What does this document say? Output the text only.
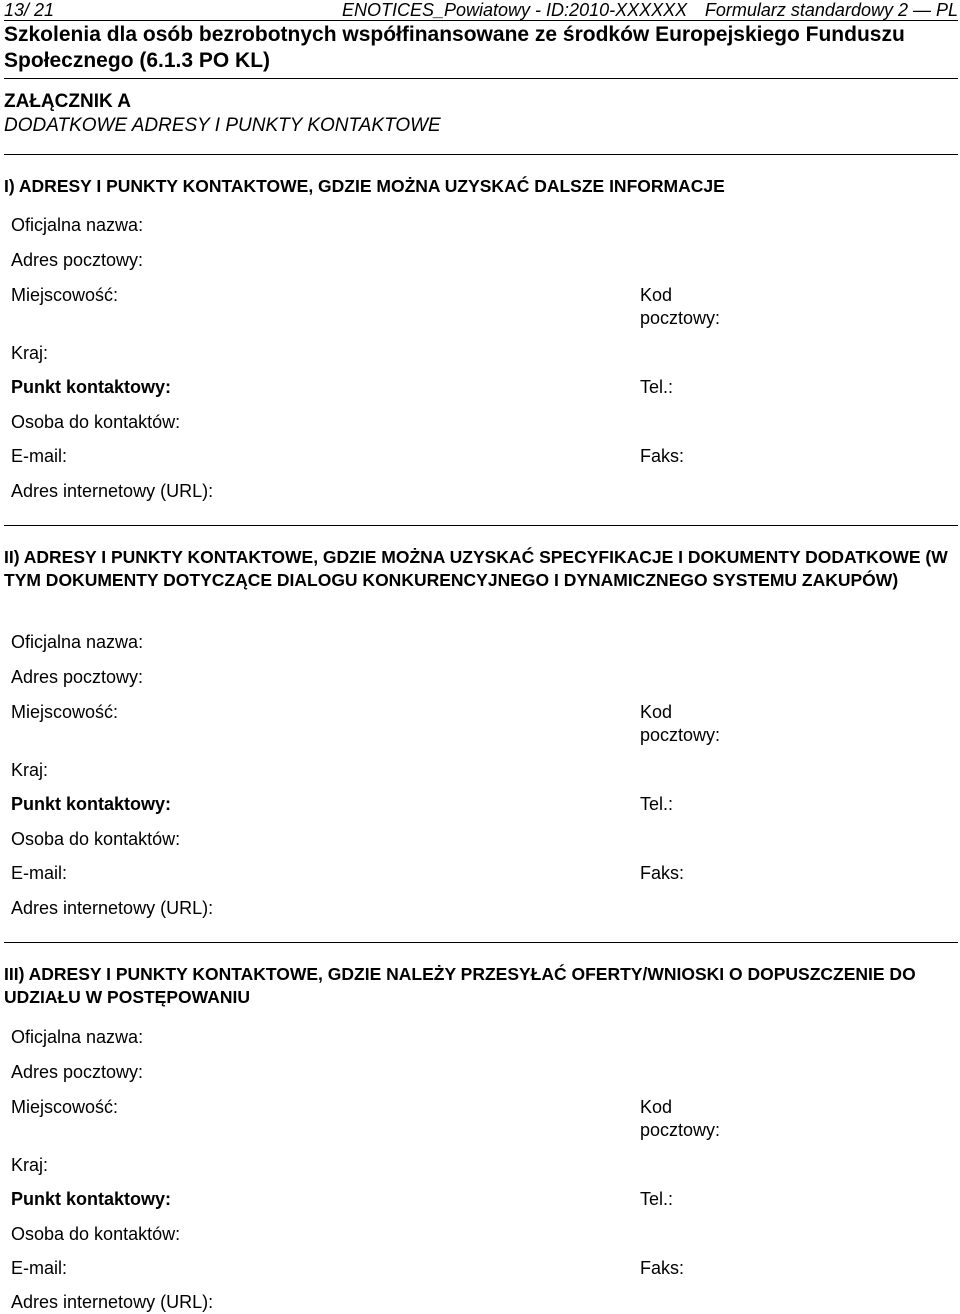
13/ 21	ENOTICES_Powiatowy - ID:2010-XXXXXX Formularz standardowy 2 — PL
Szkolenia dla osób bezrobotnych współfinansowane ze środków Europejskiego Funduszu Społecznego (6.1.3 PO KL)
ZAŁĄCZNIK A
DODATKOWE ADRESY I PUNKTY KONTAKTOWE
I) ADRESY I PUNKTY KONTAKTOWE, GDZIE MOŻNA UZYSKAĆ DALSZE INFORMACJE
Oficjalna nazwa:
Adres pocztowy:
Miejscowość:	Kod pocztowy:
Kraj:
Punkt kontaktowy:	Tel.:
Osoba do kontaktów:
E-mail:	Faks:
Adres internetowy (URL):
II) ADRESY I PUNKTY KONTAKTOWE, GDZIE MOŻNA UZYSKAĆ SPECYFIKACJE I DOKUMENTY DODATKOWE (W TYM DOKUMENTY DOTYCZĄCE DIALOGU KONKURENCYJNEGO I DYNAMICZNEGO SYSTEMU ZAKUPÓW)
Oficjalna nazwa:
Adres pocztowy:
Miejscowość:	Kod pocztowy:
Kraj:
Punkt kontaktowy:	Tel.:
Osoba do kontaktów:
E-mail:	Faks:
Adres internetowy (URL):
III) ADRESY I PUNKTY KONTAKTOWE, GDZIE NALEŻY PRZESYŁAĆ OFERTY/WNIOSKI O DOPUSZCZENIE DO UDZIAŁU W POSTĘPOWANIU
Oficjalna nazwa:
Adres pocztowy:
Miejscowość:	Kod pocztowy:
Kraj:
Punkt kontaktowy:	Tel.:
Osoba do kontaktów:
E-mail:	Faks:
Adres internetowy (URL):
